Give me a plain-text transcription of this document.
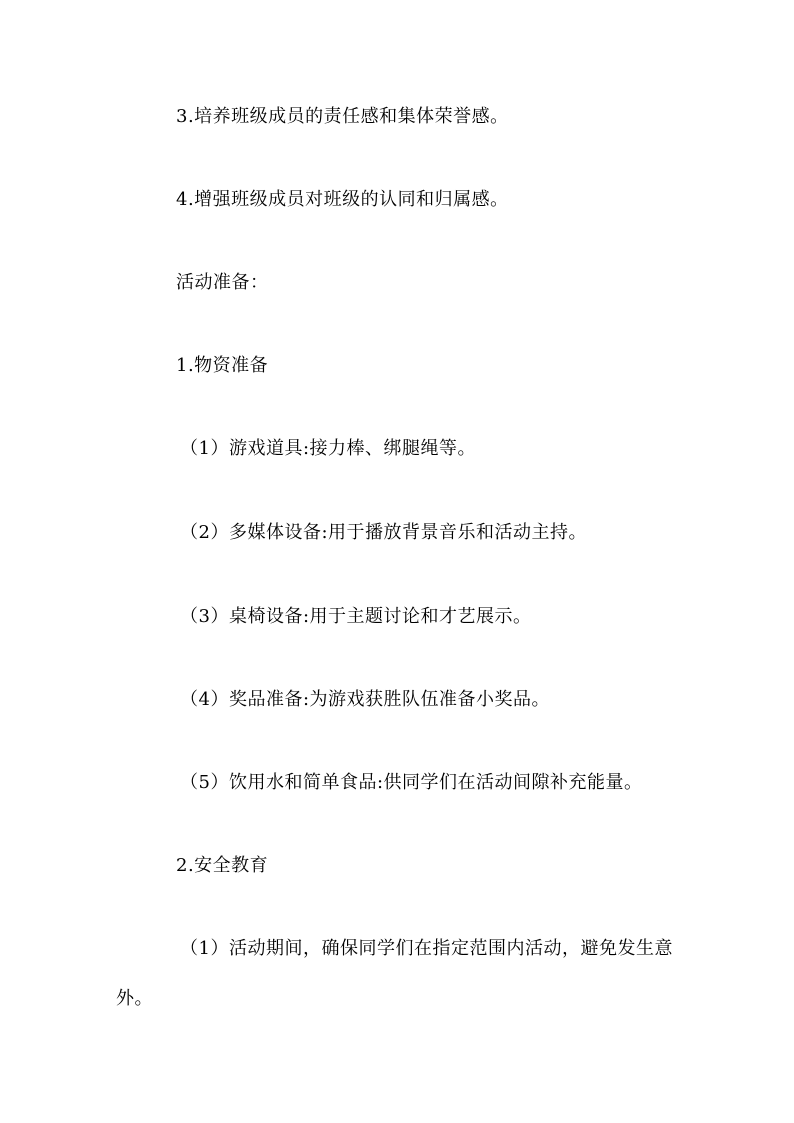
3.培养班级成员的责任感和集体荣誉感。
4.增强班级成员对班级的认同和归属感。
活动准备：
1.物资准备
（1）游戏道具:接力棒、绑腿绳等。
（2）多媒体设备:用于播放背景音乐和活动主持。
（3）桌椅设备:用于主题讨论和才艺展示。
（4）奖品准备:为游戏获胜队伍准备小奖品。
（5）饮用水和简单食品:供同学们在活动间隙补充能量。
2.安全教育
（1）活动期间，确保同学们在指定范围内活动，避免发生意
外。
